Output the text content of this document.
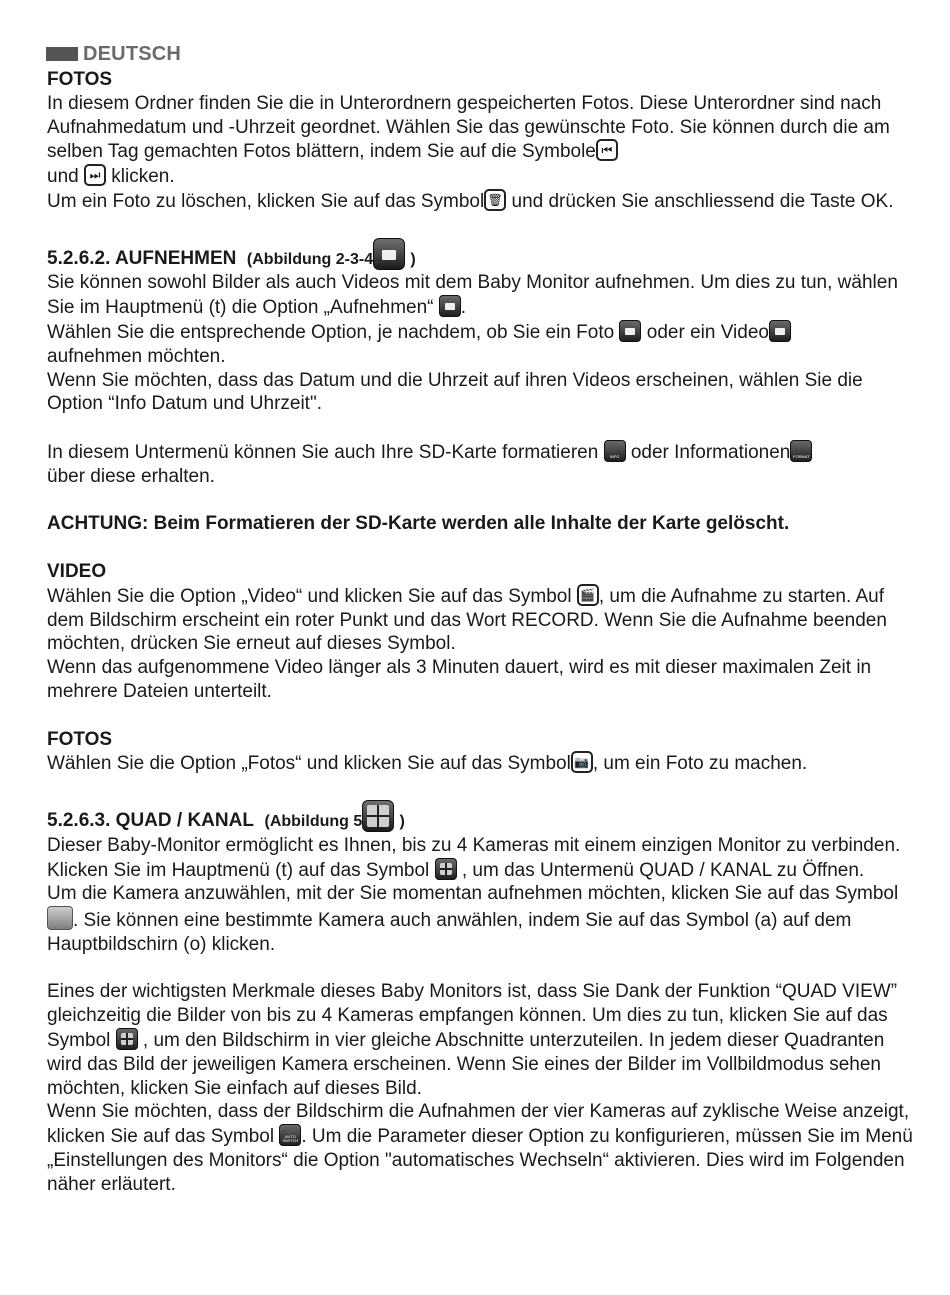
DEUTSCH

FOTOS

In diesem Ordner finden Sie die in Unterordnern gespeicherten Fotos. Diese Unterordner sind nach Aufnahmedatum und -Uhrzeit geordnet. Wählen Sie das gewünschte Foto. Sie können durch die am selben Tag gemachten Fotos blättern, indem Sie auf die Symbole ⏮

und ⏭ klicken.

Um ein Foto zu löschen, klicken Sie auf das Symbol 🗑 und drücken Sie anschliessend die Taste OK.

5.2.6.2. AUFNEHMEN (Abbildung 2-3-4 )

Sie können sowohl Bilder als auch Videos mit dem Baby Monitor aufnehmen. Um dies zu tun, wählen Sie im Hauptmenü (t) die Option „Aufnehmen“ .

Wählen Sie die entsprechende Option, je nachdem, ob Sie ein Foto oder ein Video

aufnehmen möchten.

Wenn Sie möchten, dass das Datum und die Uhrzeit auf ihren Videos erscheinen, wählen Sie die Option “Info Datum und Uhrzeit".

In diesem Untermenü können Sie auch Ihre SD-Karte formatieren	INFO oder Informationen FORMAT

über diese erhalten.

ACHTUNG: Beim Formatieren der SD-Karte werden alle Inhalte der Karte gelöscht.

VIDEO

Wählen Sie die Option „Video“ und klicken Sie auf das Symbol 🎬 , um die Aufnahme zu starten. Auf dem Bildschirm erscheint ein roter Punkt und das Wort RECORD. Wenn Sie die Aufnahme beenden möchten, drücken Sie erneut auf dieses Symbol.

Wenn das aufgenommene Video länger als 3 Minuten dauert, wird es mit dieser maximalen Zeit in mehrere Dateien unterteilt.

FOTOS

Wählen Sie die Option „Fotos“ und klicken Sie auf das Symbol 📷 , um ein Foto zu machen.

5.2.6.3. QUAD / KANAL (Abbildung 5 )

Dieser Baby-Monitor ermöglicht es Ihnen, bis zu 4 Kameras mit einem einzigen Monitor zu verbinden. Klicken Sie im Hauptmenü (t) auf das Symbol , um das Untermenü QUAD / KANAL zu Öffnen.

Um die Kamera anzuwählen, mit der Sie momentan aufnehmen möchten, klicken Sie auf das Symbol . Sie können eine bestimmte Kamera auch anwählen, indem Sie auf das Symbol (a) auf dem Hauptbildschirn (o) klicken.

Eines der wichtigsten Merkmale dieses Baby Monitors ist, dass Sie Dank der Funktion “QUAD VIEW” gleichzeitig die Bilder von bis zu 4 Kameras empfangen können. Um dies zu tun, klicken Sie auf das Symbol , um den Bildschirm in vier gleiche Abschnitte unterzuteilen. In jedem dieser Quadranten wird das Bild der jeweiligen Kamera erscheinen. Wenn Sie eines der Bilder im Vollbildmodus sehen möchten, klicken Sie einfach auf dieses Bild.

Wenn Sie möchten, dass der Bildschirm die Aufnahmen der vier Kameras auf zyklische Weise anzeigt, klicken Sie auf das Symbol	AUTO SWITCH . Um die Parameter dieser Option zu konfigurieren, müssen Sie im Menü „Einstellungen des Monitors“ die Option "automatisches Wechseln“ aktivieren. Dies wird im Folgenden näher erläutert.
